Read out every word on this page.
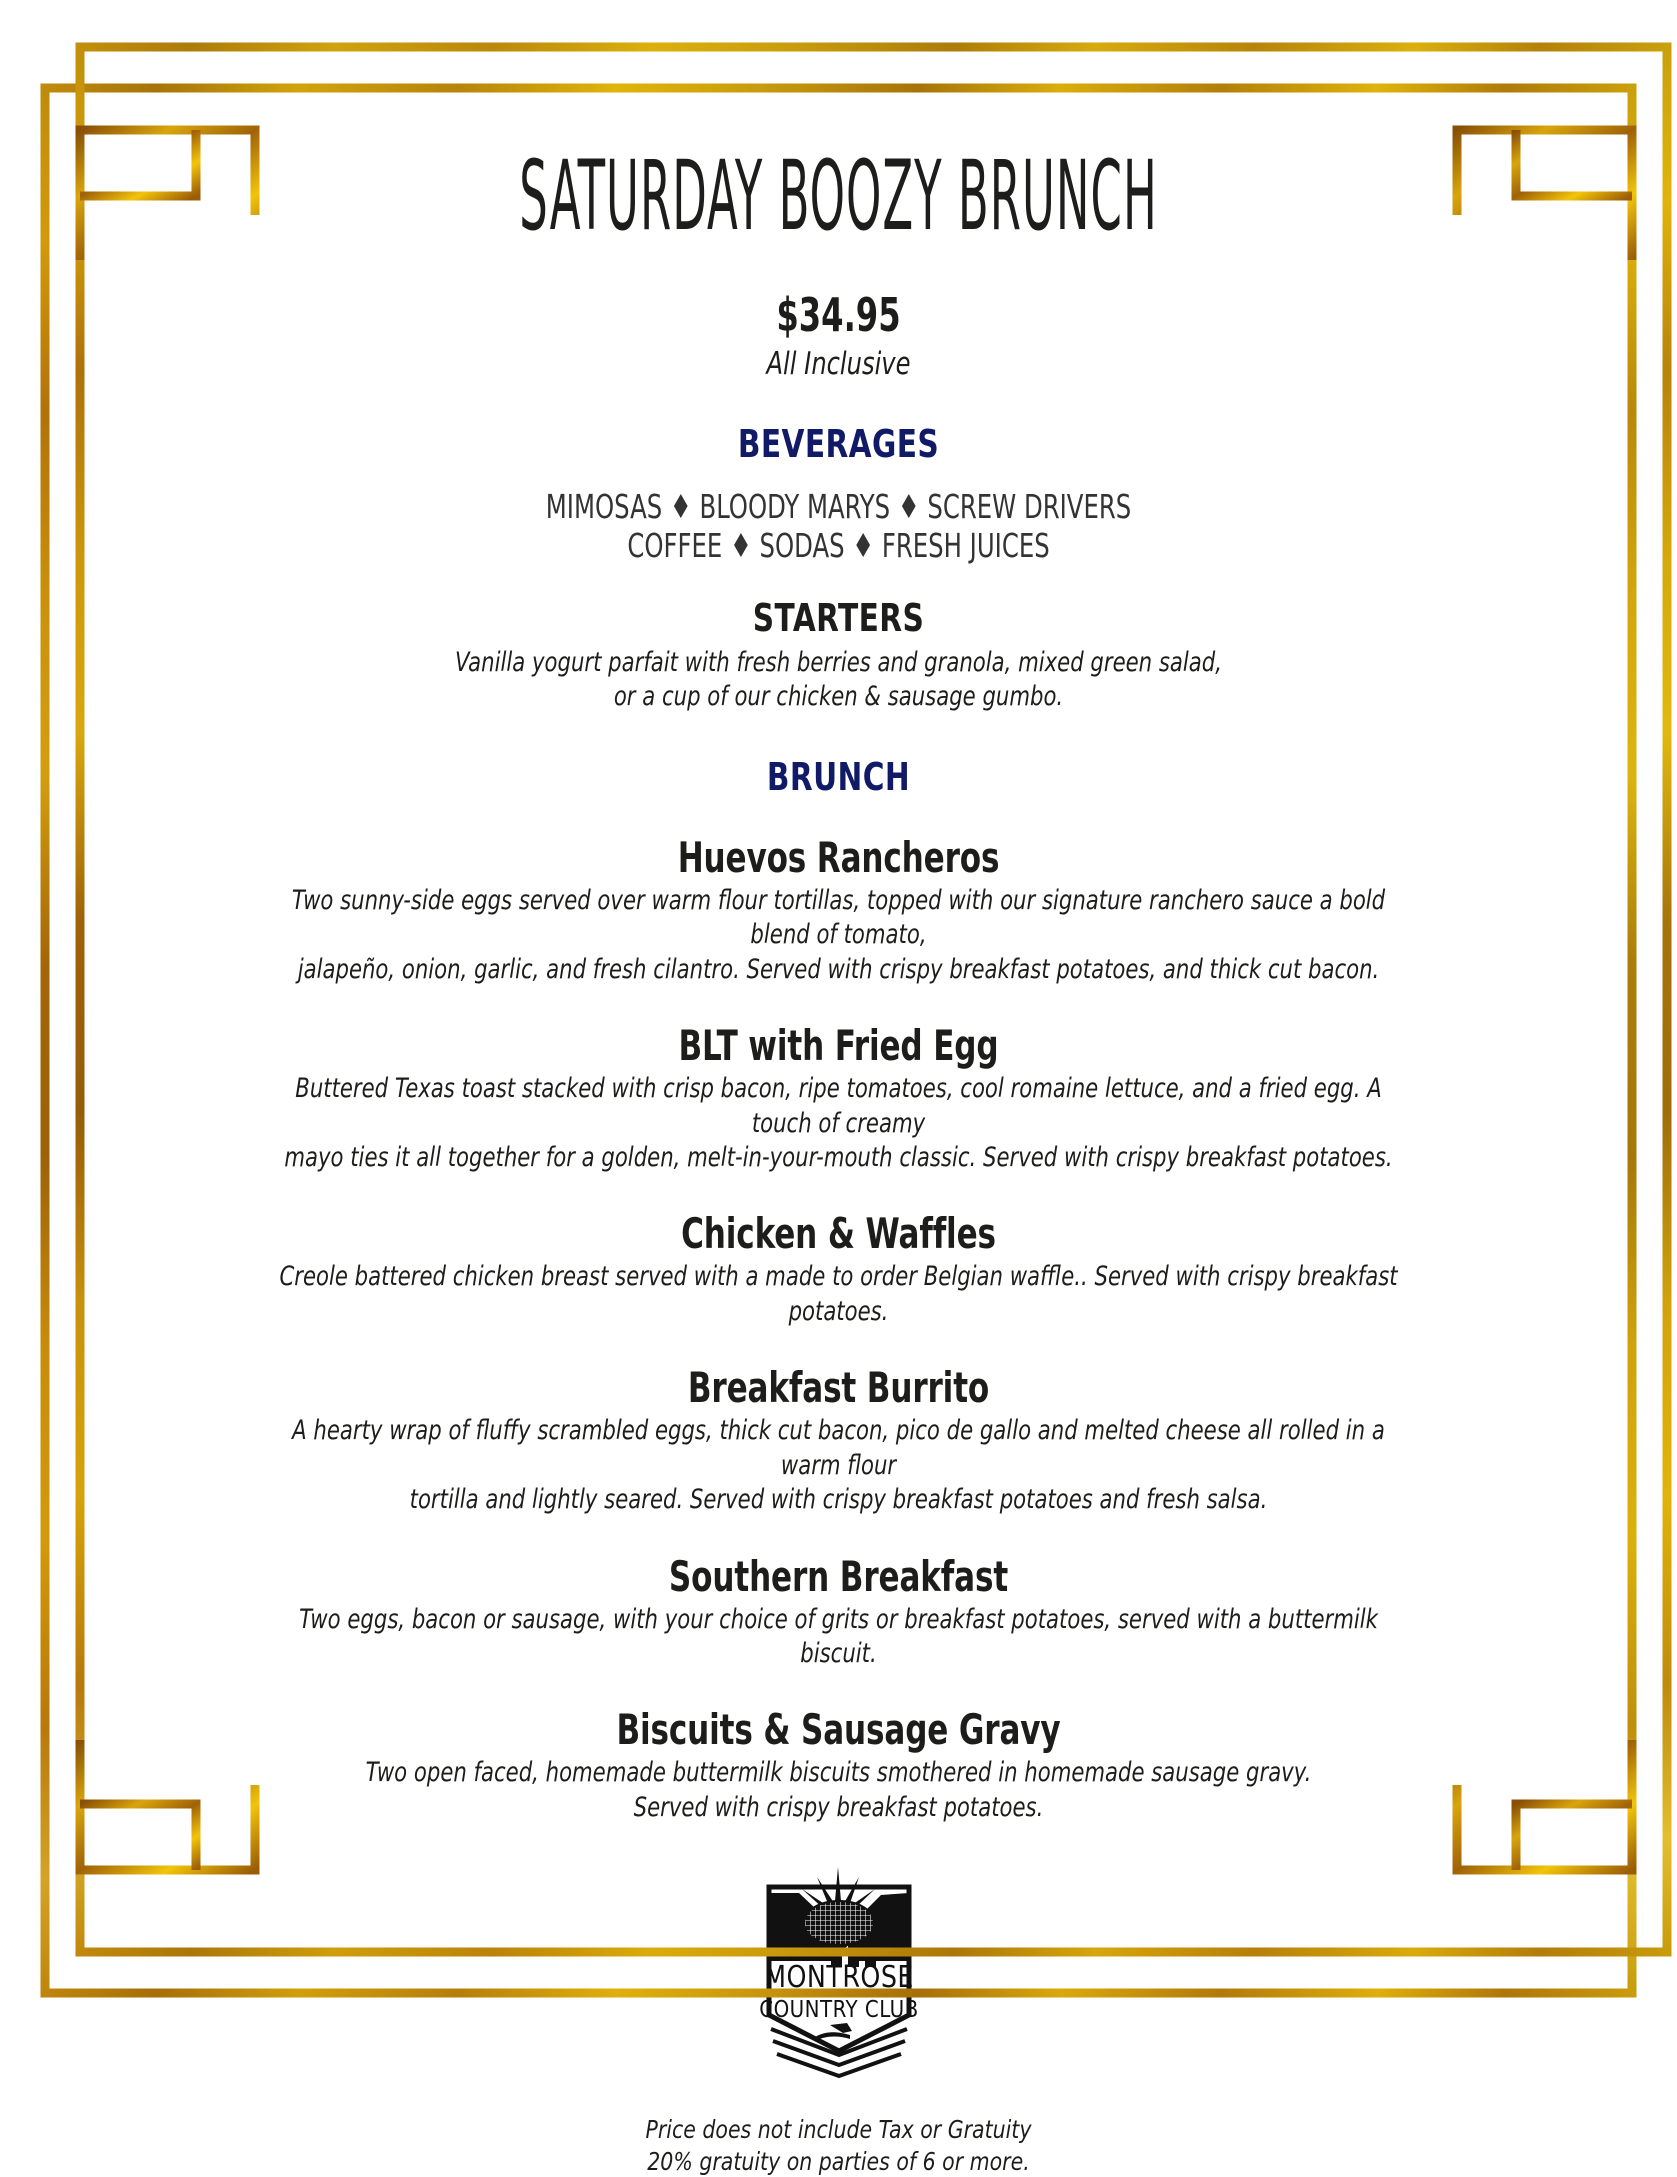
SATURDAY BOOZY BRUNCH
$34.95
All Inclusive
BEVERAGES
MIMOSAS ♦ BLOODY MARYS ♦ SCREW DRIVERS
COFFEE ♦ SODAS ♦ FRESH JUICES
STARTERS
Vanilla yogurt parfait with fresh berries and granola, mixed green salad,
or a cup of our chicken & sausage gumbo.
BRUNCH
Huevos Rancheros
Two sunny-side eggs served over warm flour tortillas, topped with our signature ranchero sauce a bold blend of tomato,
jalapeño, onion, garlic, and fresh cilantro. Served with crispy breakfast potatoes, and thick cut bacon.
BLT with Fried Egg
Buttered Texas toast stacked with crisp bacon, ripe tomatoes, cool romaine lettuce, and a fried egg. A touch of creamy
mayo ties it all together for a golden, melt-in-your-mouth classic. Served with crispy breakfast potatoes.
Chicken & Waffles
Creole battered chicken breast served with a made to order Belgian waffle.. Served with crispy breakfast potatoes.
Breakfast Burrito
A hearty wrap of fluffy scrambled eggs, thick cut bacon, pico de gallo and melted cheese all rolled in a warm flour
tortilla and lightly seared. Served with crispy breakfast potatoes and fresh salsa.
Southern Breakfast
Two eggs, bacon or sausage, with your choice of grits or breakfast potatoes, served with a buttermilk biscuit.
Biscuits & Sausage Gravy
Two open faced, homemade buttermilk biscuits smothered in homemade sausage gravy.
Served with crispy breakfast potatoes.
MONTROSE
COUNTRY CLUB
Price does not include Tax or Gratuity
20% gratuity on parties of 6 or more.
